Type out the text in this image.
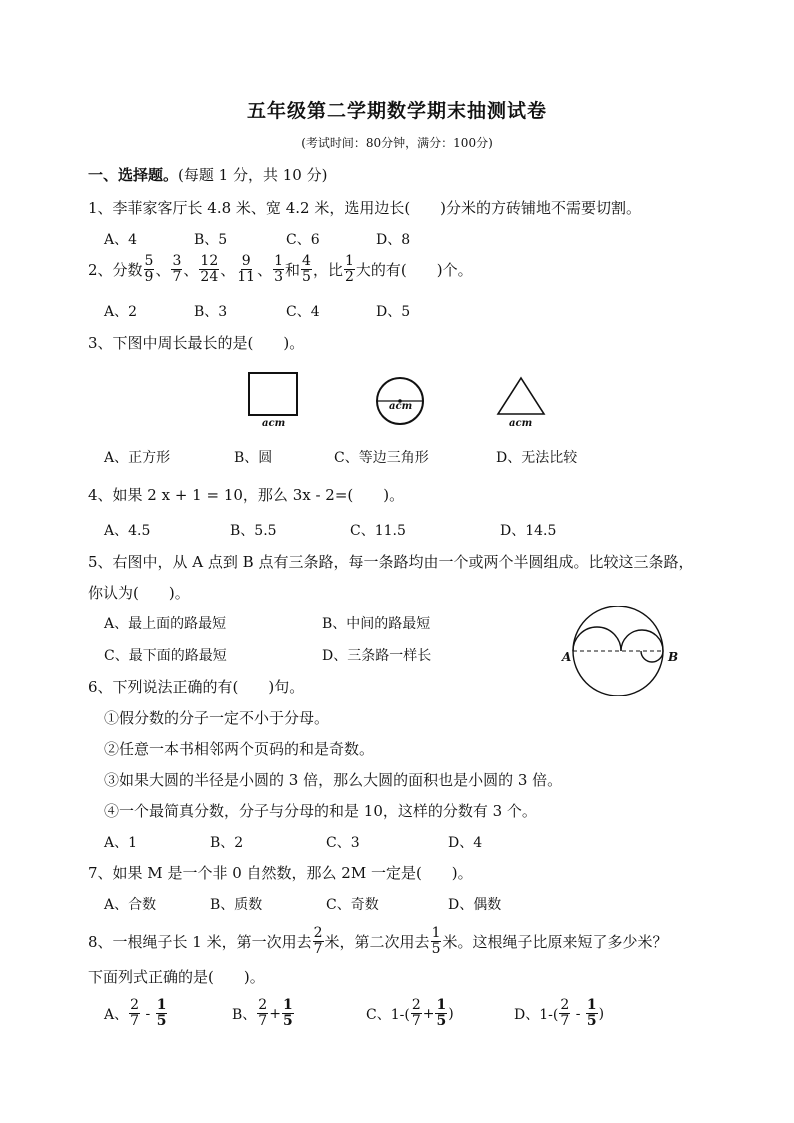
五年级第二学期数学期末抽测试卷
(考试时间：80分钟，满分：100分)
一、选择题。(每题 1 分，共 10 分)
1、李菲家客厅长 4.8 米、宽 4.2 米，选用边长(　　)分米的方砖铺地不需要切割。
A、4	B、5	C、6	D、8
2、分数 $\frac{5}{9}$ 、 $\frac{3}{7}$ 、 $\frac{12}{24}$ 、 $\frac{9}{11}$ 、 $\frac{1}{3}$ 和 $\frac{4}{5}$ ，比 $\frac{1}{2}$ 大的有(　　)个。
A、2	B、3	C、4	D、5
3、下图中周长最长的是(　　)。
acm
acm
acm
A、正方形	B、圆	C、等边三角形	D、无法比较
4、如果 2 x + 1 = 10，那么 3x - 2=(　　)。
A、4.5	B、5.5	C、11.5	D、14.5
5、右图中，从 A 点到 B 点有三条路，每一条路均由一个或两个半圆组成。比较这三条路，
你认为(　　)。
A、最上面的路最短	B、中间的路最短
C、最下面的路最短	D、三条路一样长	A	B
6、下列说法正确的有(　　)句。
①假分数的分子一定不小于分母。
②任意一本书相邻两个页码的和是奇数。
③如果大圆的半径是小圆的 3 倍，那么大圆的面积也是小圆的 3 倍。
④一个最简真分数，分子与分母的和是 10，这样的分数有 3 个。
A、1	B、2	C、3	D、4
7、如果 M 是一个非 0 自然数，那么 2M 一定是(　　)。
A、合数	B、质数	C、奇数	D、偶数
8、一根绳子长 1 米，第一次用去 $\frac{2}{7}$ 米，第二次用去 $\frac{1}{5}$ 米。这根绳子比原来短了多少米？
下面列式正确的是(　　)。
A、 $\frac{2}{7} - \frac{1}{5}$	B、 $\frac{2}{7} + \frac{1}{5}$	C、$1-( \frac{2}{7} + \frac{1}{5}$ )	D、$1-( \frac{2}{7} - \frac{1}{5}$ )
